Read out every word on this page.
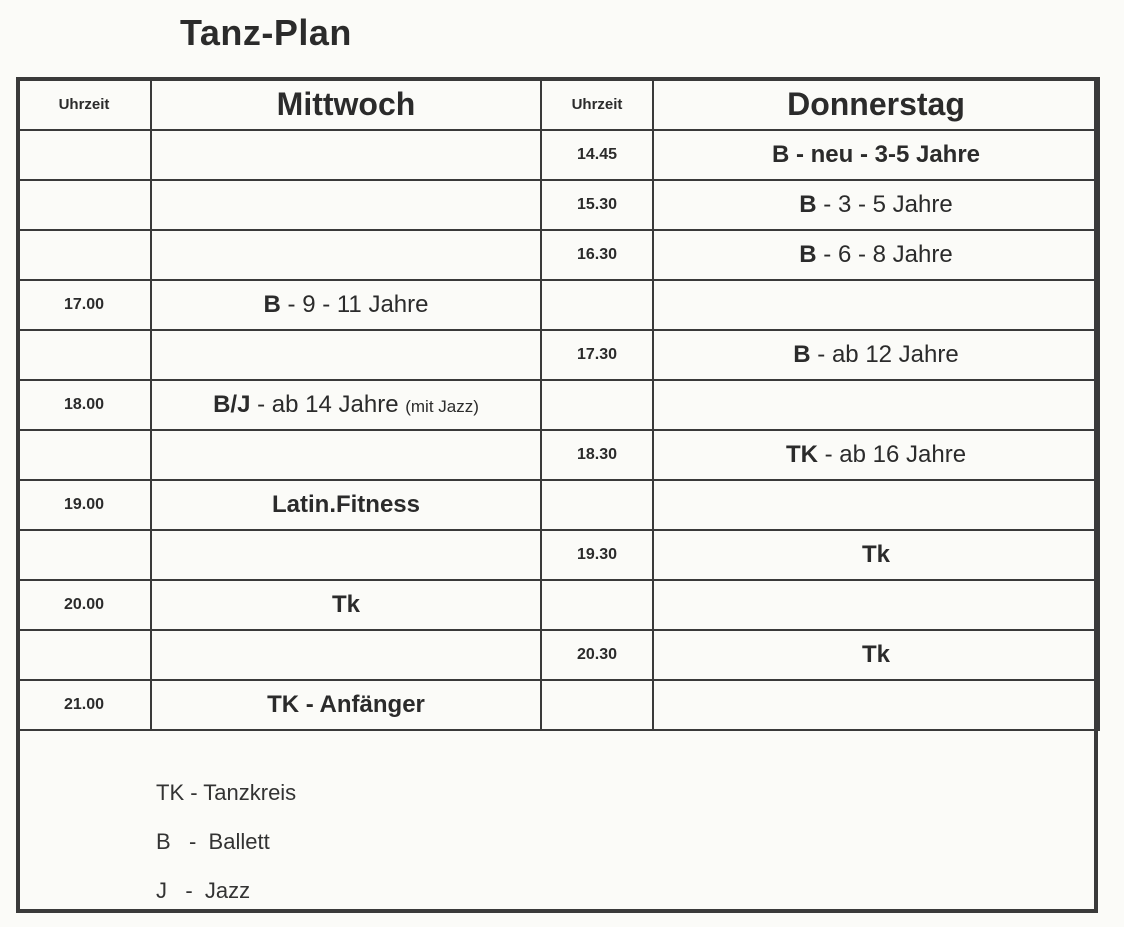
Tanz-Plan
Uhrzeit	Mittwoch	Uhrzeit	Donnerstag
		14.45	B - neu - 3-5 Jahre
		15.30	B - 3 - 5 Jahre
		16.30	B - 6 - 8 Jahre
17.00	B - 9 - 11 Jahre		
		17.30	B - ab 12 Jahre
18.00	B/J - ab 14 Jahre (mit Jazz)		
		18.30	TK - ab 16 Jahre
19.00	Latin.Fitness		
		19.30	Tk
20.00	Tk		
		20.30	Tk
21.00	TK - Anfänger		
TK - Tanzkreis
B   -  Ballett
J   -  Jazz
